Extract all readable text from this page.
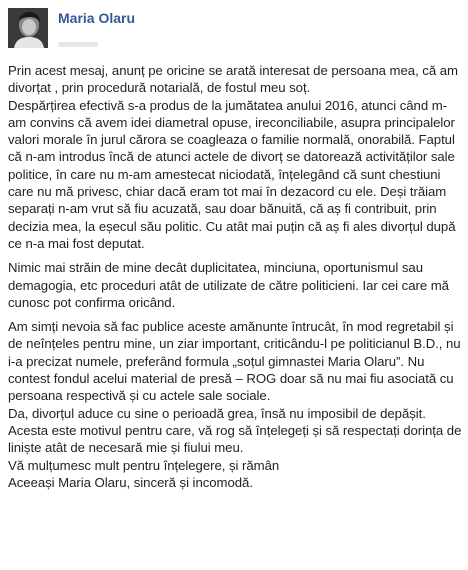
Maria Olaru

Prin acest mesaj, anunț pe oricine se arată interesat de persoana mea, că am divorțat , prin procedură notarială, de fostul meu soț.

Despărțirea efectivă s-a produs de la jumătatea anului 2016, atunci când m-am convins că avem idei diametral opuse, ireconciliabile, asupra principalelor valori morale în jurul cărora se coagleaza o familie normală, onorabilă. Faptul că n-am introdus încă de atunci actele de divorț se datorează activităților sale politice, în care nu m-am amestecat niciodată, înțelegând că sunt chestiuni care nu mă privesc, chiar dacă eram tot mai în dezacord cu ele. Deși trăiam separați n-am vrut să fiu acuzată, sau doar bănuită, că aș fi contribuit, prin decizia mea, la eșecul său politic. Cu atât mai puțin că aș fi ales divorțul după ce n-a mai fost deputat.

Nimic mai străin de mine decât duplicitatea, minciuna, oportunismul sau demagogia, etc proceduri atât de utilizate de către politicieni. Iar cei care mă cunosc pot confirma oricând.

Am simți nevoia să fac publice aceste amănunte întrucât, în mod regretabil și de neînțeles pentru mine, un ziar important, criticându-l pe politicianul B.D., nu i-a precizat numele, preferând formula „soțul gimnastei Maria Olaru”. Nu contest fondul acelui material de presă – ROG doar să nu mai fiu asociată cu persoana respectivă și cu actele sale sociale.

Da, divorțul aduce cu sine o perioadă grea, însă nu imposibil de depășit. Acesta este motivul pentru care, vă rog să înțelegeți și să respectați dorința de liniște atât de necesară mie și fiului meu.

Vă mulțumesc mult pentru înțelegere, și rămân

Aceeași Maria Olaru, sinceră și incomodă.
